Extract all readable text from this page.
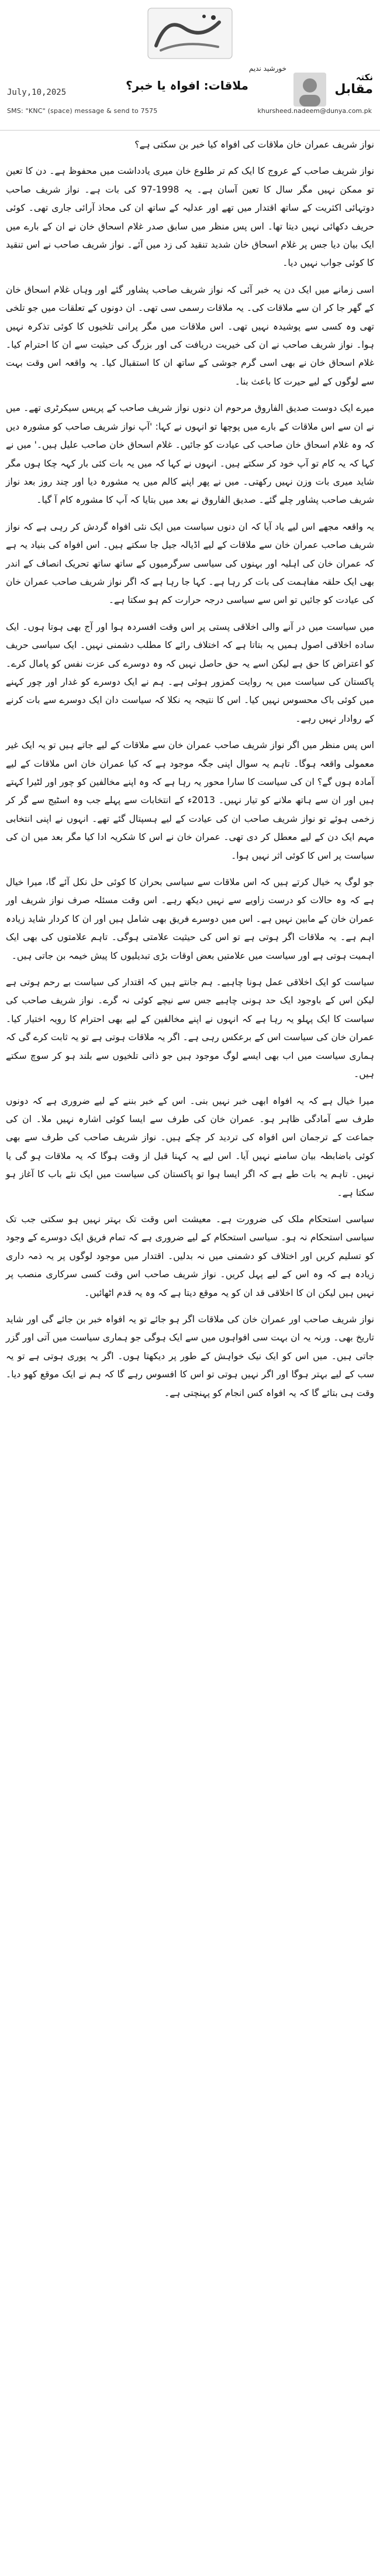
خورشید ندیم
ملاقات: افواہ یا خبر؟
نکتہ
مقابل
July,10,2025
SMS: "KNC" (space) message & send to 7575	khursheed.nadeem@dunya.com.pk

نواز شریف عمران خان ملاقات کی افواہ کیا خبر بن سکتی ہے؟

نواز شریف صاحب کے عروج کا ایک کم تر طلوع خان میری یادداشت میں محفوظ ہے۔ دن کا تعین تو ممکن نہیں مگر سال کا تعین آسان ہے۔ یہ 1998-97 کی بات ہے۔ نواز شریف صاحب دوتہائی اکثریت کے ساتھ اقتدار میں تھے اور عدلیہ کے ساتھ ان کی محاذ آرائی جاری تھی۔ کوئی حریف دکھائی نہیں دیتا تھا۔ اس پس منظر میں سابق صدر غلام اسحاق خان نے ان کے بارے میں ایک بیان دیا جس پر غلام اسحاق خان شدید تنقید کی زد میں آئے۔ نواز شریف صاحب نے اس تنقید کا کوئی جواب نہیں دیا۔

اسی زمانے میں ایک دن یہ خبر آئی کہ نواز شریف صاحب پشاور گئے اور وہاں غلام اسحاق خان کے گھر جا کر ان سے ملاقات کی۔ یہ ملاقات رسمی سی تھی۔ ان دونوں کے تعلقات میں جو تلخی تھی وہ کسی سے پوشیدہ نہیں تھی۔ اس ملاقات میں مگر پرانی تلخیوں کا کوئی تذکرہ نہیں ہوا۔ نواز شریف صاحب نے ان کی خیریت دریافت کی اور بزرگ کی حیثیت سے ان کا احترام کیا۔ غلام اسحاق خان نے بھی اسی گرم جوشی کے ساتھ ان کا استقبال کیا۔ یہ واقعہ اس وقت بہت سے لوگوں کے لیے حیرت کا باعث بنا۔

میرے ایک دوست صدیق الفاروق مرحوم ان دنوں نواز شریف صاحب کے پریس سیکرٹری تھے۔ میں نے ان سے اس ملاقات کے بارے میں پوچھا تو انہوں نے کہا: 'آپ نواز شریف صاحب کو مشورہ دیں کہ وہ غلام اسحاق خان صاحب کی عیادت کو جائیں۔ غلام اسحاق خان صاحب علیل ہیں۔' میں نے کہا کہ یہ کام تو آپ خود کر سکتے ہیں۔ انہوں نے کہا کہ میں یہ بات کئی بار کہہ چکا ہوں مگر شاید میری بات وزن نہیں رکھتی۔ میں نے پھر اپنے کالم میں یہ مشورہ دیا اور چند روز بعد نواز شریف صاحب پشاور چلے گئے۔ صدیق الفاروق نے بعد میں بتایا کہ آپ کا مشورہ کام آ گیا۔

یہ واقعہ مجھے اس لیے یاد آیا کہ ان دنوں سیاست میں ایک نئی افواہ گردش کر رہی ہے کہ نواز شریف صاحب عمران خان سے ملاقات کے لیے اڈیالہ جیل جا سکتے ہیں۔ اس افواہ کی بنیاد یہ ہے کہ عمران خان کی اہلیہ اور بہنوں کی سیاسی سرگرمیوں کے ساتھ ساتھ تحریک انصاف کے اندر بھی ایک حلقہ مفاہمت کی بات کر رہا ہے۔ کہا جا رہا ہے کہ اگر نواز شریف صاحب عمران خان کی عیادت کو جائیں تو اس سے سیاسی درجہ حرارت کم ہو سکتا ہے۔

میں سیاست میں در آنے والی اخلاقی پستی پر اس وقت افسردہ ہوا اور آج بھی ہوتا ہوں۔ ایک ساده اخلاقی اصول ہمیں یہ بتاتا ہے کہ اختلاف رائے کا مطلب دشمنی نہیں۔ ایک سیاسی حریف کو اعتراض کا حق ہے لیکن اسے یہ حق حاصل نہیں کہ وہ دوسرے کی عزت نفس کو پامال کرے۔ پاکستان کی سیاست میں یہ روایت کمزور ہوئی ہے۔ ہم نے ایک دوسرے کو غدار اور چور کہنے میں کوئی باک محسوس نہیں کیا۔ اس کا نتیجہ یہ نکلا کہ سیاست دان ایک دوسرے سے بات کرنے کے روادار نہیں رہے۔

اس پس منظر میں اگر نواز شریف صاحب عمران خان سے ملاقات کے لیے جاتے ہیں تو یہ ایک غیر معمولی واقعہ ہوگا۔ تاہم یہ سوال اپنی جگہ موجود ہے کہ کیا عمران خان اس ملاقات کے لیے آمادہ ہوں گے؟ ان کی سیاست کا سارا محور یہ رہا ہے کہ وہ اپنے مخالفین کو چور اور لٹیرا کہتے ہیں اور ان سے ہاتھ ملانے کو تیار نہیں۔ 2013ء کے انتخابات سے پہلے جب وہ اسٹیج سے گر کر زخمی ہوئے تو نواز شریف صاحب ان کی عیادت کے لیے ہسپتال گئے تھے۔ انہوں نے اپنی انتخابی مہم ایک دن کے لیے معطل کر دی تھی۔ عمران خان نے اس کا شکریہ ادا کیا مگر بعد میں ان کی سیاست پر اس کا کوئی اثر نہیں ہوا۔

جو لوگ یہ خیال کرتے ہیں کہ اس ملاقات سے سیاسی بحران کا کوئی حل نکل آئے گا، میرا خیال ہے کہ وہ حالات کو درست زاویے سے نہیں دیکھ رہے۔ اس وقت مسئلہ صرف نواز شریف اور عمران خان کے مابین نہیں ہے۔ اس میں دوسرے فریق بھی شامل ہیں اور ان کا کردار شاید زیادہ اہم ہے۔ یہ ملاقات اگر ہوتی ہے تو اس کی حیثیت علامتی ہوگی۔ تاہم علامتوں کی بھی ایک اہمیت ہوتی ہے اور سیاست میں علامتیں بعض اوقات بڑی تبدیلیوں کا پیش خیمہ بن جاتی ہیں۔

سیاست کو ایک اخلاقی عمل ہونا چاہیے۔ ہم جانتے ہیں کہ اقتدار کی سیاست بے رحم ہوتی ہے لیکن اس کے باوجود ایک حد ہونی چاہیے جس سے نیچے کوئی نہ گرے۔ نواز شریف صاحب کی سیاست کا ایک پہلو یہ رہا ہے کہ انہوں نے اپنے مخالفین کے لیے بھی احترام کا رویہ اختیار کیا۔ عمران خان کی سیاست اس کے برعکس رہی ہے۔ اگر یہ ملاقات ہوتی ہے تو یہ ثابت کرے گی کہ ہماری سیاست میں اب بھی ایسے لوگ موجود ہیں جو ذاتی تلخیوں سے بلند ہو کر سوچ سکتے ہیں۔

میرا خیال ہے کہ یہ افواہ ابھی خبر نہیں بنی۔ اس کے خبر بننے کے لیے ضروری ہے کہ دونوں طرف سے آمادگی ظاہر ہو۔ عمران خان کی طرف سے ایسا کوئی اشارہ نہیں ملا۔ ان کی جماعت کے ترجمان اس افواہ کی تردید کر چکے ہیں۔ نواز شریف صاحب کی طرف سے بھی کوئی باضابطہ بیان سامنے نہیں آیا۔ اس لیے یہ کہنا قبل از وقت ہوگا کہ یہ ملاقات ہو گی یا نہیں۔ تاہم یہ بات طے ہے کہ اگر ایسا ہوا تو پاکستان کی سیاست میں ایک نئے باب کا آغاز ہو سکتا ہے۔

سیاسی استحکام ملک کی ضرورت ہے۔ معیشت اس وقت تک بہتر نہیں ہو سکتی جب تک سیاسی استحکام نہ ہو۔ سیاسی استحکام کے لیے ضروری ہے کہ تمام فریق ایک دوسرے کے وجود کو تسلیم کریں اور اختلاف کو دشمنی میں نہ بدلیں۔ اقتدار میں موجود لوگوں پر یہ ذمہ داری زیادہ ہے کہ وہ اس کے لیے پہل کریں۔ نواز شریف صاحب اس وقت کسی سرکاری منصب پر نہیں ہیں لیکن ان کا اخلاقی قد ان کو یہ موقع دیتا ہے کہ وہ یہ قدم اٹھائیں۔

نواز شریف صاحب اور عمران خان کی ملاقات اگر ہو جائے تو یہ افواہ خبر بن جائے گی اور شاید تاریخ بھی۔ ورنہ یہ ان بہت سی افواہوں میں سے ایک ہوگی جو ہماری سیاست میں آتی اور گزر جاتی ہیں۔ میں اس کو ایک نیک خواہش کے طور پر دیکھتا ہوں۔ اگر یہ پوری ہوتی ہے تو یہ سب کے لیے بہتر ہوگا اور اگر نہیں ہوتی تو اس کا افسوس رہے گا کہ ہم نے ایک موقع کھو دیا۔ وقت ہی بتائے گا کہ یہ افواہ کس انجام کو پہنچتی ہے۔
